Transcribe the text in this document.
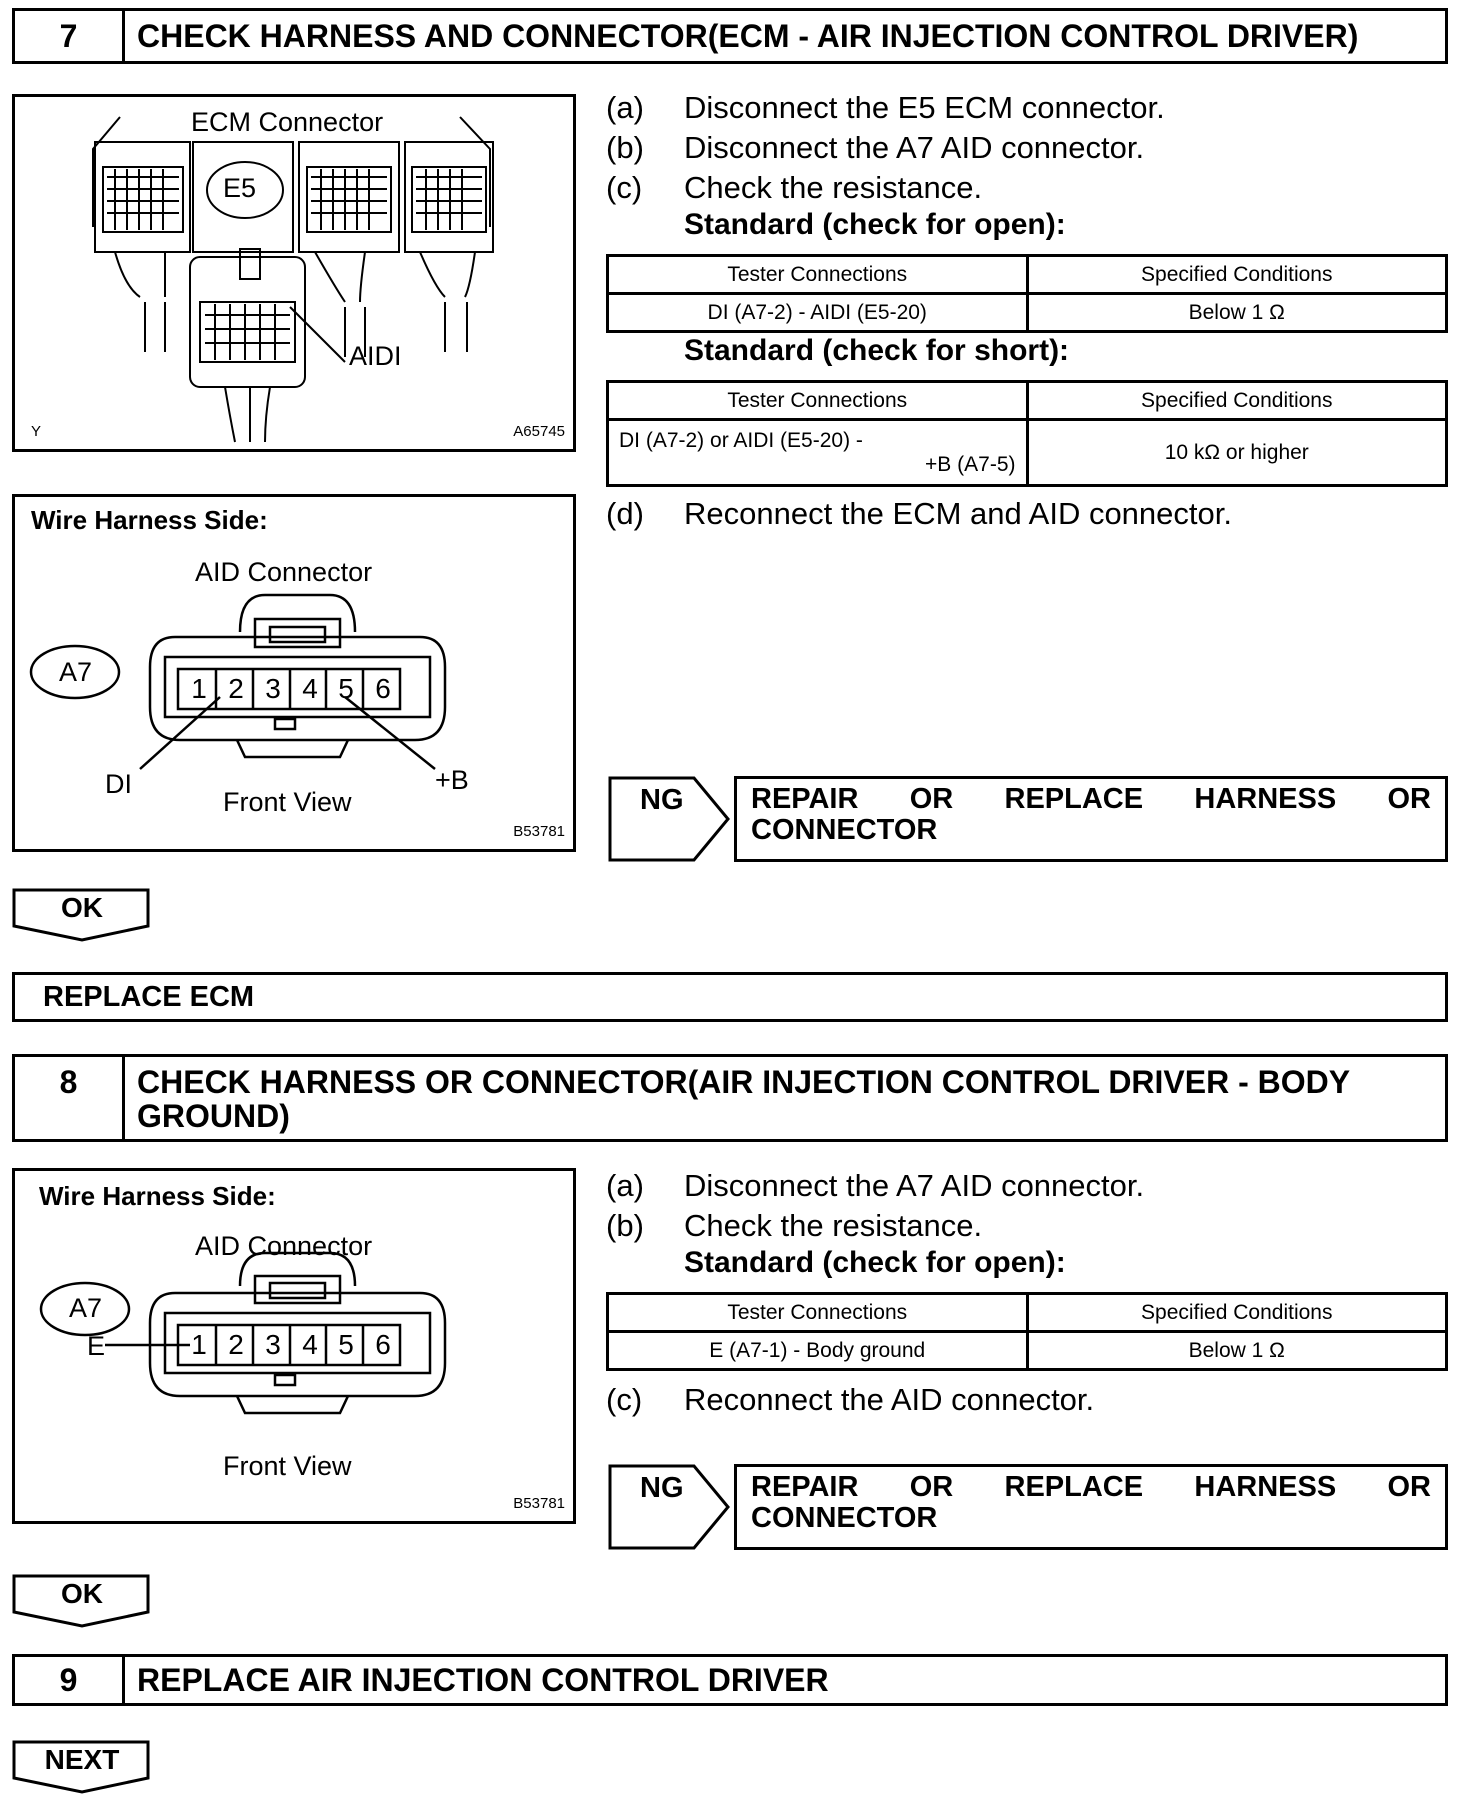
7	CHECK HARNESS AND CONNECTOR(ECM - AIR INJECTION CONTROL DRIVER)
ECM Connector
E5
AIDI
Y	A65745
Wire Harness Side:
AID Connector
A7
1 2 3 4 5 6
DI	+B
Front View
B53781
(a) Disconnect the E5 ECM connector.
(b) Disconnect the A7 AID connector.
(c) Check the resistance.
Standard (check for open):
Tester Connections	Specified Conditions
DI (A7-2) - AIDI (E5-20)	Below 1 Ω
Standard (check for short):
Tester Connections	Specified Conditions

DI (A7-2) or AIDI (E5-20) -
+B (A7-5)	10 kΩ or higher
(d) Reconnect the ECM and AID connector.
NG REPAIR OR REPLACE HARNESS OR
CONNECTOR
OK
REPLACE ECM
8	CHECK HARNESS OR CONNECTOR(AIR INJECTION CONTROL DRIVER - BODY
GROUND)
Wire Harness Side:
AID Connector
A7
1 2 3 4 5 6
E
Front View
B53781
(a) Disconnect the A7 AID connector.
(b) Check the resistance.
Standard (check for open):
Tester Connections	Specified Conditions
E (A7-1) - Body ground	Below 1 Ω
(c) Reconnect the AID connector.
NG REPAIR OR REPLACE HARNESS OR
CONNECTOR
OK
9	REPLACE AIR INJECTION CONTROL DRIVER
NEXT
